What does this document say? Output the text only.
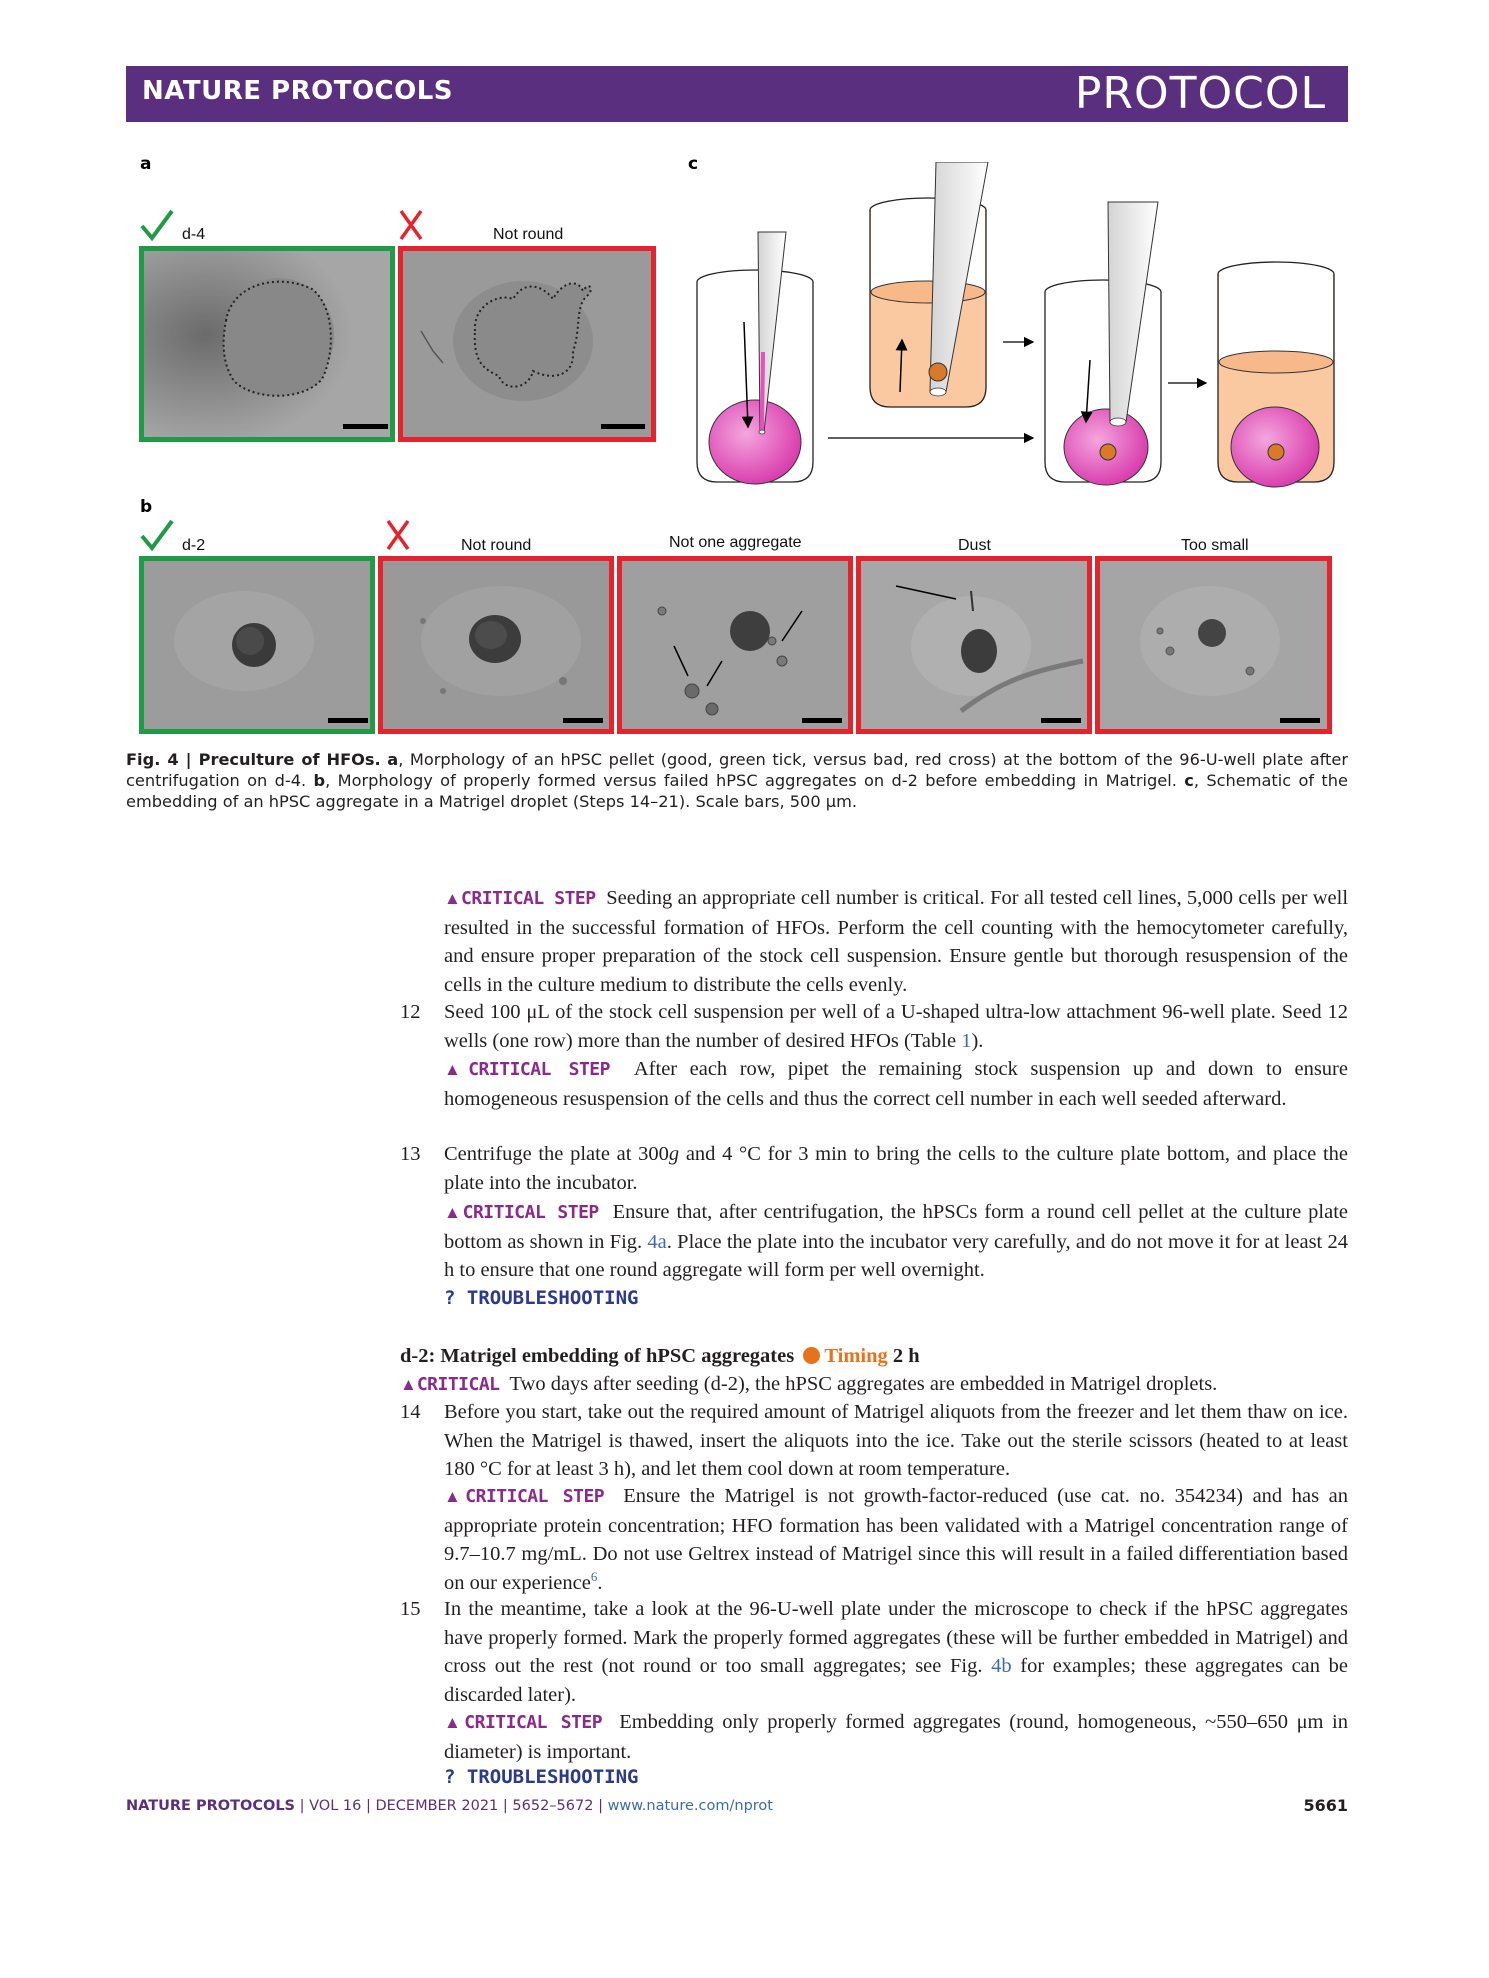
NATURE PROTOCOLS	PROTOCOL
a	c
b
d-4	Not round
d-2	Not round	Not one aggregate	Dust	Too small
Fig. 4 | Preculture of HFOs. a, Morphology of an hPSC pellet (good, green tick, versus bad, red cross) at the bottom of the 96-U-well plate after centrifugation on d-4. b, Morphology of properly formed versus failed hPSC aggregates on d-2 before embedding in Matrigel. c, Schematic of the embedding of an hPSC aggregate in a Matrigel droplet (Steps 14–21). Scale bars, 500 μm.
▲CRITICAL STEP Seeding an appropriate cell number is critical. For all tested cell lines, 5,000 cells per well resulted in the successful formation of HFOs. Perform the cell counting with the hemocytometer carefully, and ensure proper preparation of the stock cell suspension. Ensure gentle but thorough resuspension of the cells in the culture medium to distribute the cells evenly.
12	Seed 100 μL of the stock cell suspension per well of a U-shaped ultra-low attachment 96-well plate. Seed 12 wells (one row) more than the number of desired HFOs (Table 1).
▲CRITICAL STEP After each row, pipet the remaining stock suspension up and down to ensure homogeneous resuspension of the cells and thus the correct cell number in each well seeded afterward.
13	Centrifuge the plate at 300g and 4 °C for 3 min to bring the cells to the culture plate bottom, and place the plate into the incubator.
▲CRITICAL STEP Ensure that, after centrifugation, the hPSCs form a round cell pellet at the culture plate bottom as shown in Fig. 4a. Place the plate into the incubator very carefully, and do not move it for at least 24 h to ensure that one round aggregate will form per well overnight.
? TROUBLESHOOTING
d-2: Matrigel embedding of hPSC aggregates Timing 2 h
▲CRITICAL Two days after seeding (d-2), the hPSC aggregates are embedded in Matrigel droplets.
14	Before you start, take out the required amount of Matrigel aliquots from the freezer and let them thaw on ice. When the Matrigel is thawed, insert the aliquots into the ice. Take out the sterile scissors (heated to at least 180 °C for at least 3 h), and let them cool down at room temperature.
▲CRITICAL STEP Ensure the Matrigel is not growth-factor-reduced (use cat. no. 354234) and has an appropriate protein concentration; HFO formation has been validated with a Matrigel concentration range of 9.7–10.7 mg/mL. Do not use Geltrex instead of Matrigel since this will result in a failed differentiation based on our experience$^6$.
15	In the meantime, take a look at the 96-U-well plate under the microscope to check if the hPSC aggregates have properly formed. Mark the properly formed aggregates (these will be further embedded in Matrigel) and cross out the rest (not round or too small aggregates; see Fig. 4b for examples; these aggregates can be discarded later).
▲CRITICAL STEP Embedding only properly formed aggregates (round, homogeneous, ~550–650 μm in diameter) is important.
? TROUBLESHOOTING
NATURE PROTOCOLS | VOL 16 | DECEMBER 2021 | 5652–5672 | www.nature.com/nprot	5661
